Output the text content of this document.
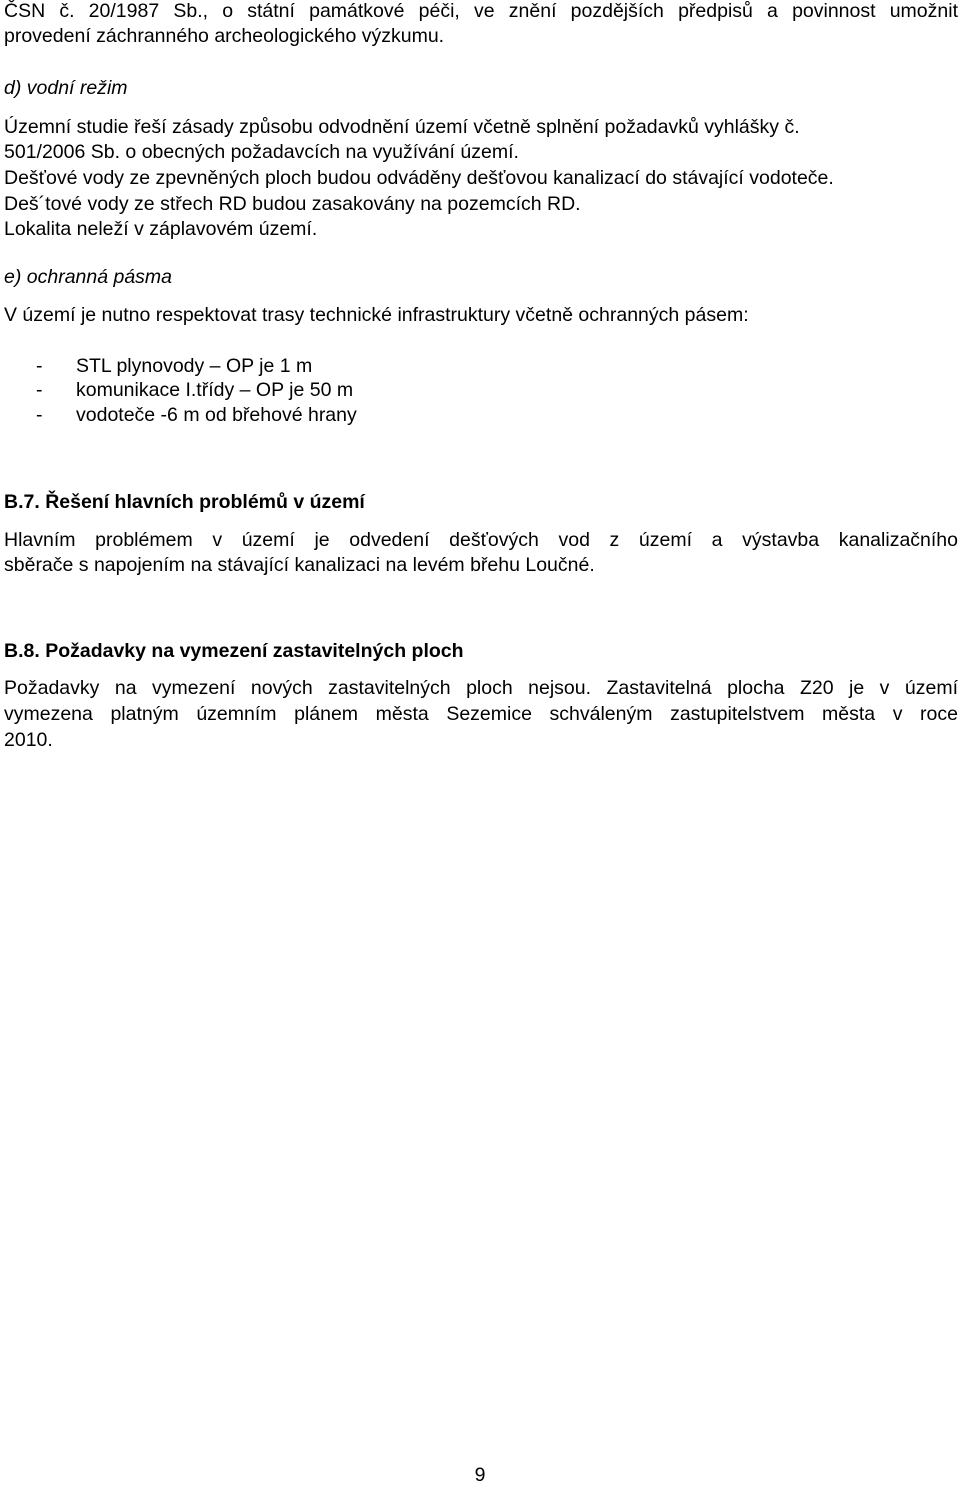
ČSN č. 20/1987 Sb., o státní památkové péči, ve znění pozdějších předpisů a povinnost umožnit
provedení záchranného archeologického výzkumu.
d) vodní režim
Územní studie řeší zásady způsobu odvodnění území včetně splnění požadavků vyhlášky č.
501/2006 Sb. o obecných požadavcích na využívání území.
Dešťové vody ze zpevněných ploch budou odváděny dešťovou kanalizací do stávající vodoteče.
Deš´tové vody ze střech RD budou zasakovány na pozemcích RD.
Lokalita neleží v záplavovém území.
e) ochranná pásma
V území je nutno respektovat trasy technické infrastruktury včetně ochranných pásem:
- STL plynovody – OP je 1 m
- komunikace I.třídy – OP je 50 m
- vodoteče -6 m od břehové hrany
B.7. Řešení hlavních problémů v území
Hlavním problémem v území je odvedení dešťových vod z území a výstavba kanalizačního
sběrače s napojením na stávající kanalizaci na levém břehu Loučné.
B.8. Požadavky na vymezení zastavitelných ploch
Požadavky na vymezení nových zastavitelných ploch nejsou. Zastavitelná plocha Z20 je v území
vymezena platným územním plánem města Sezemice schváleným zastupitelstvem města v roce
2010.
9
